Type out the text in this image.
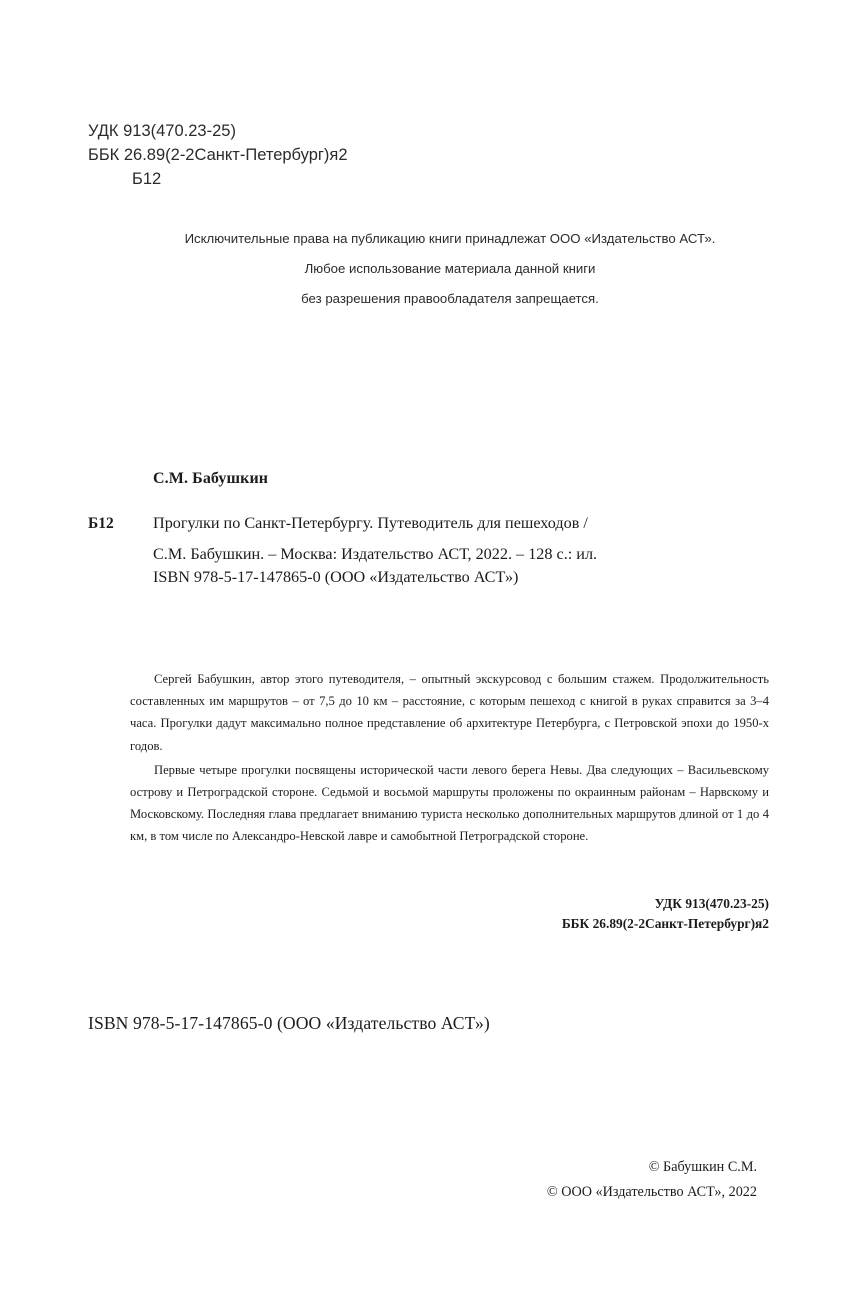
УДК 913(470.23-25)
ББК 26.89(2-2Санкт-Петербург)я2
Б12
Исключительные права на публикацию книги принадлежат ООО «Издательство АСТ».
Любое использование материала данной книги
без разрешения правообладателя запрещается.
С.М. Бабушкин
Б12	Прогулки по Санкт-Петербургу. Путеводитель для пешеходов /
С.М. Бабушкин. – Москва: Издательство АСТ, 2022. – 128 с.: ил.
ISBN 978-5-17-147865-0 (ООО «Издательство АСТ»)

Сергей Бабушкин, автор этого путеводителя, – опытный экскурсовод с большим стажем. Продолжительность составленных им маршрутов – от 7,5 до 10 км – расстояние, с которым пешеход с книгой в руках справится за 3–4 часа. Прогулки дадут максимально полное представление об архитектуре Петербурга, с Петровской эпохи до 1950-х годов.

Первые четыре прогулки посвящены исторической части левого берега Невы. Два следующих – Васильевскому острову и Петроградской стороне. Седьмой и восьмой маршруты проложены по окраинным районам – Нарвскому и Московскому. Последняя глава предлагает вниманию туриста несколько дополнительных маршрутов длиной от 1 до 4 км, в том числе по Александро-Невской лавре и самобытной Петроградской стороне.

УДК 913(470.23-25)
ББК 26.89(2-2Санкт-Петербург)я2
ISBN 978-5-17-147865-0 (ООО «Издательство АСТ»)
© Бабушкин С.М.
© ООО «Издательство АСТ», 2022
